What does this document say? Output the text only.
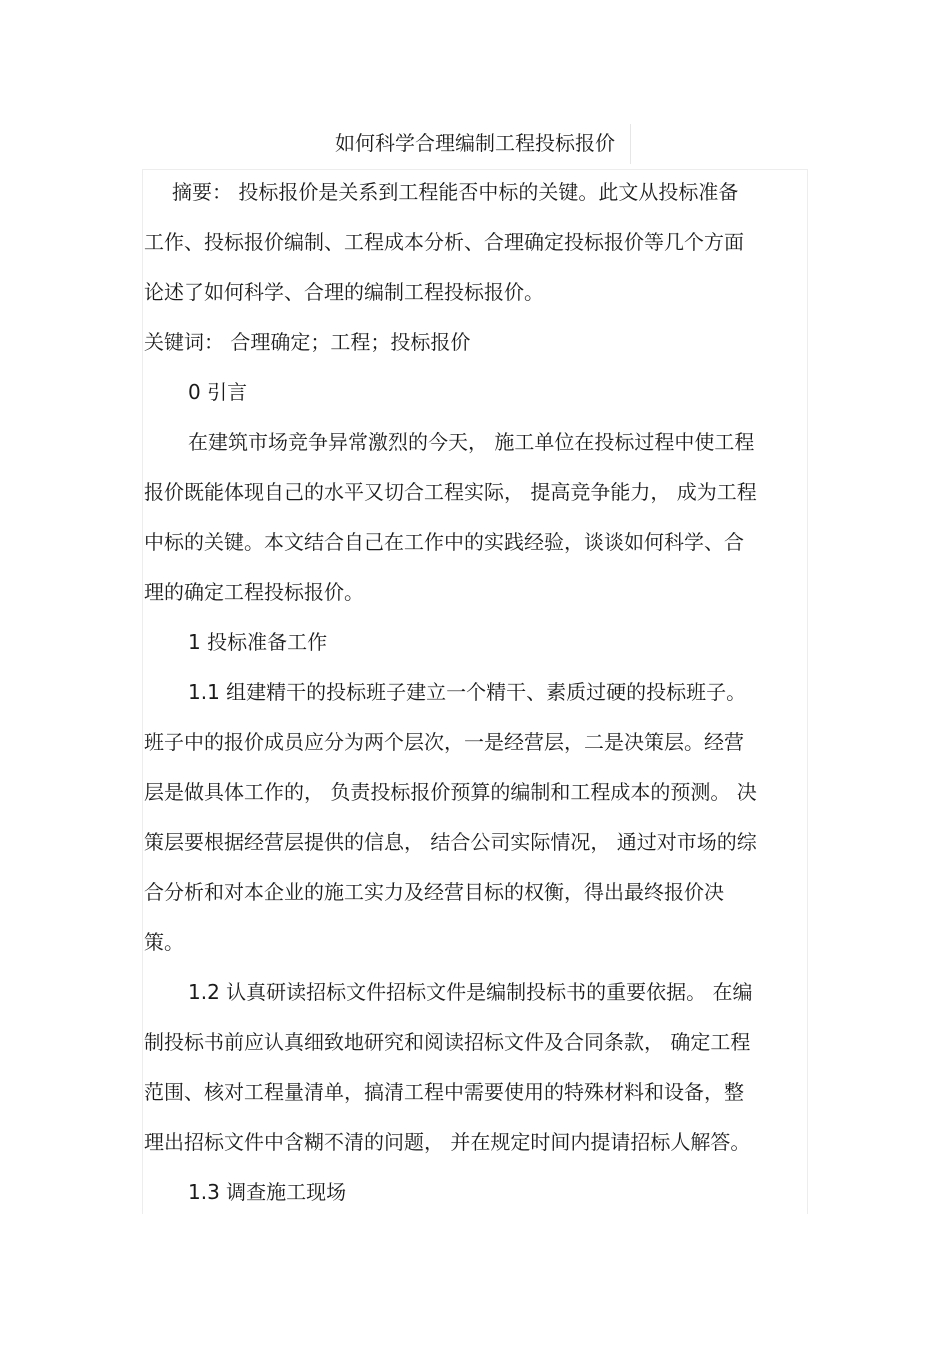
如何科学合理编制工程投标报价
摘要： 投标报价是关系到工程能否中标的关键。此文从投标准备
工作、投标报价编制、工程成本分析、合理确定投标报价等几个方面
论述了如何科学、合理的编制工程投标报价。
关键词： 合理确定；工程；投标报价
0 引言
在建筑市场竞争异常激烈的今天， 施工单位在投标过程中使工程
报价既能体现自己的水平又切合工程实际， 提高竞争能力， 成为工程
中标的关键。本文结合自己在工作中的实践经验，谈谈如何科学、合
理的确定工程投标报价。
1 投标准备工作
1.1 组建精干的投标班子建立一个精干、素质过硬的投标班子。
班子中的报价成员应分为两个层次，一是经营层，二是决策层。经营
层是做具体工作的， 负责投标报价预算的编制和工程成本的预测。 决
策层要根据经营层提供的信息， 结合公司实际情况， 通过对市场的综
合分析和对本企业的施工实力及经营目标的权衡，得出最终报价决
策。
1.2 认真研读招标文件招标文件是编制投标书的重要依据。 在编
制投标书前应认真细致地研究和阅读招标文件及合同条款， 确定工程
范围、核对工程量清单，搞清工程中需要使用的特殊材料和设备，整
理出招标文件中含糊不清的问题， 并在规定时间内提请招标人解答。
1.3 调查施工现场
